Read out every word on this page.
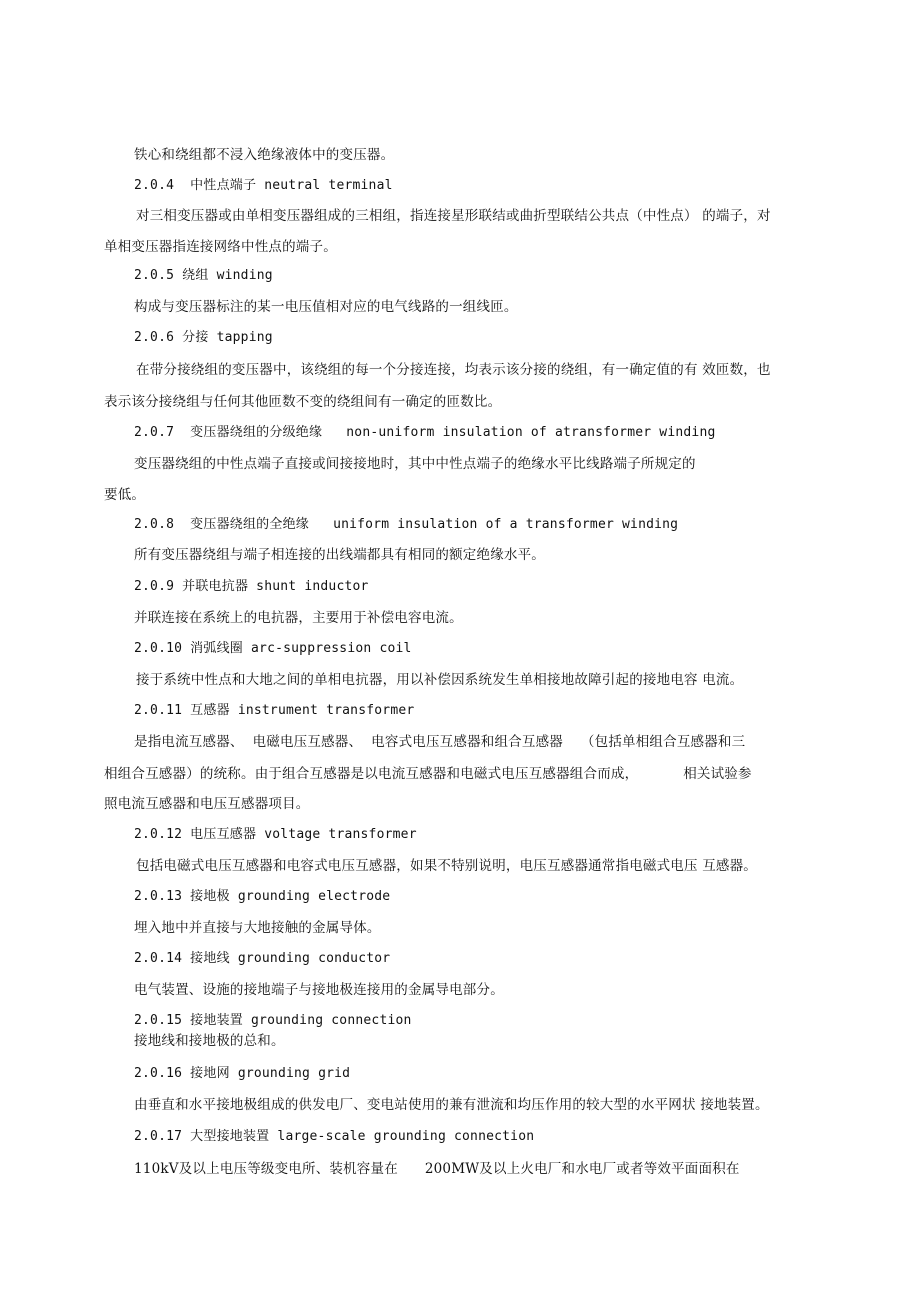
铁心和绕组都不浸入绝缘液体中的变压器。
2.0.4  中性点端子 neutral terminal
对三相变压器或由单相变压器组成的三相组，指连接星形联结或曲折型联结公共点（中性点） 的端子，对
单相变压器指连接网络中性点的端子。
2.0.5 绕组 winding
构成与变压器标注的某一电压值相对应的电气线路的一组线匝。
2.0.6 分接 tapping
在带分接绕组的变压器中，该绕组的每一个分接连接，均表示该分接的绕组，有一确定值的有 效匝数，也
表示该分接绕组与任何其他匝数不变的绕组间有一确定的匝数比。
2.0.7  变压器绕组的分级绝缘   non-uniform insulation of atransformer winding
变压器绕组的中性点端子直接或间接接地时，其中中性点端子的绝缘水平比线路端子所规定的
要低。
2.0.8  变压器绕组的全绝缘   uniform insulation of a transformer winding
所有变压器绕组与端子相连接的出线端都具有相同的额定绝缘水平。
2.0.9 并联电抗器 shunt inductor
并联连接在系统上的电抗器，主要用于补偿电容电流。
2.0.10 消弧线圈 arc-suppression coil
接于系统中性点和大地之间的单相电抗器，用以补偿因系统发生单相接地故障引起的接地电容 电流。
2.0.11 互感器 instrument transformer
是指电流互感器、  电磁电压互感器、  电容式电压互感器和组合互感器    （包括单相组合互感器和三
相组合互感器）的统称。由于组合互感器是以电流互感器和电磁式电压互感器组合而成，          相关试验参
照电流互感器和电压互感器项目。
2.0.12 电压互感器 voltage transformer
包括电磁式电压互感器和电容式电压互感器，如果不特别说明，电压互感器通常指电磁式电压 互感器。
2.0.13 接地极 grounding electrode
埋入地中并直接与大地接触的金属导体。
2.0.14 接地线 grounding conductor
电气装置、设施的接地端子与接地极连接用的金属导电部分。
2.0.15 接地装置 grounding connection
接地线和接地极的总和。
2.0.16 接地网 grounding grid
由垂直和水平接地极组成的供发电厂、变电站使用的兼有泄流和均压作用的较大型的水平网状 接地装置。
2.0.17 大型接地装置 large-scale grounding connection
110kV及以上电压等级变电所、装机容量在      200MW及以上火电厂和水电厂或者等效平面面积在
